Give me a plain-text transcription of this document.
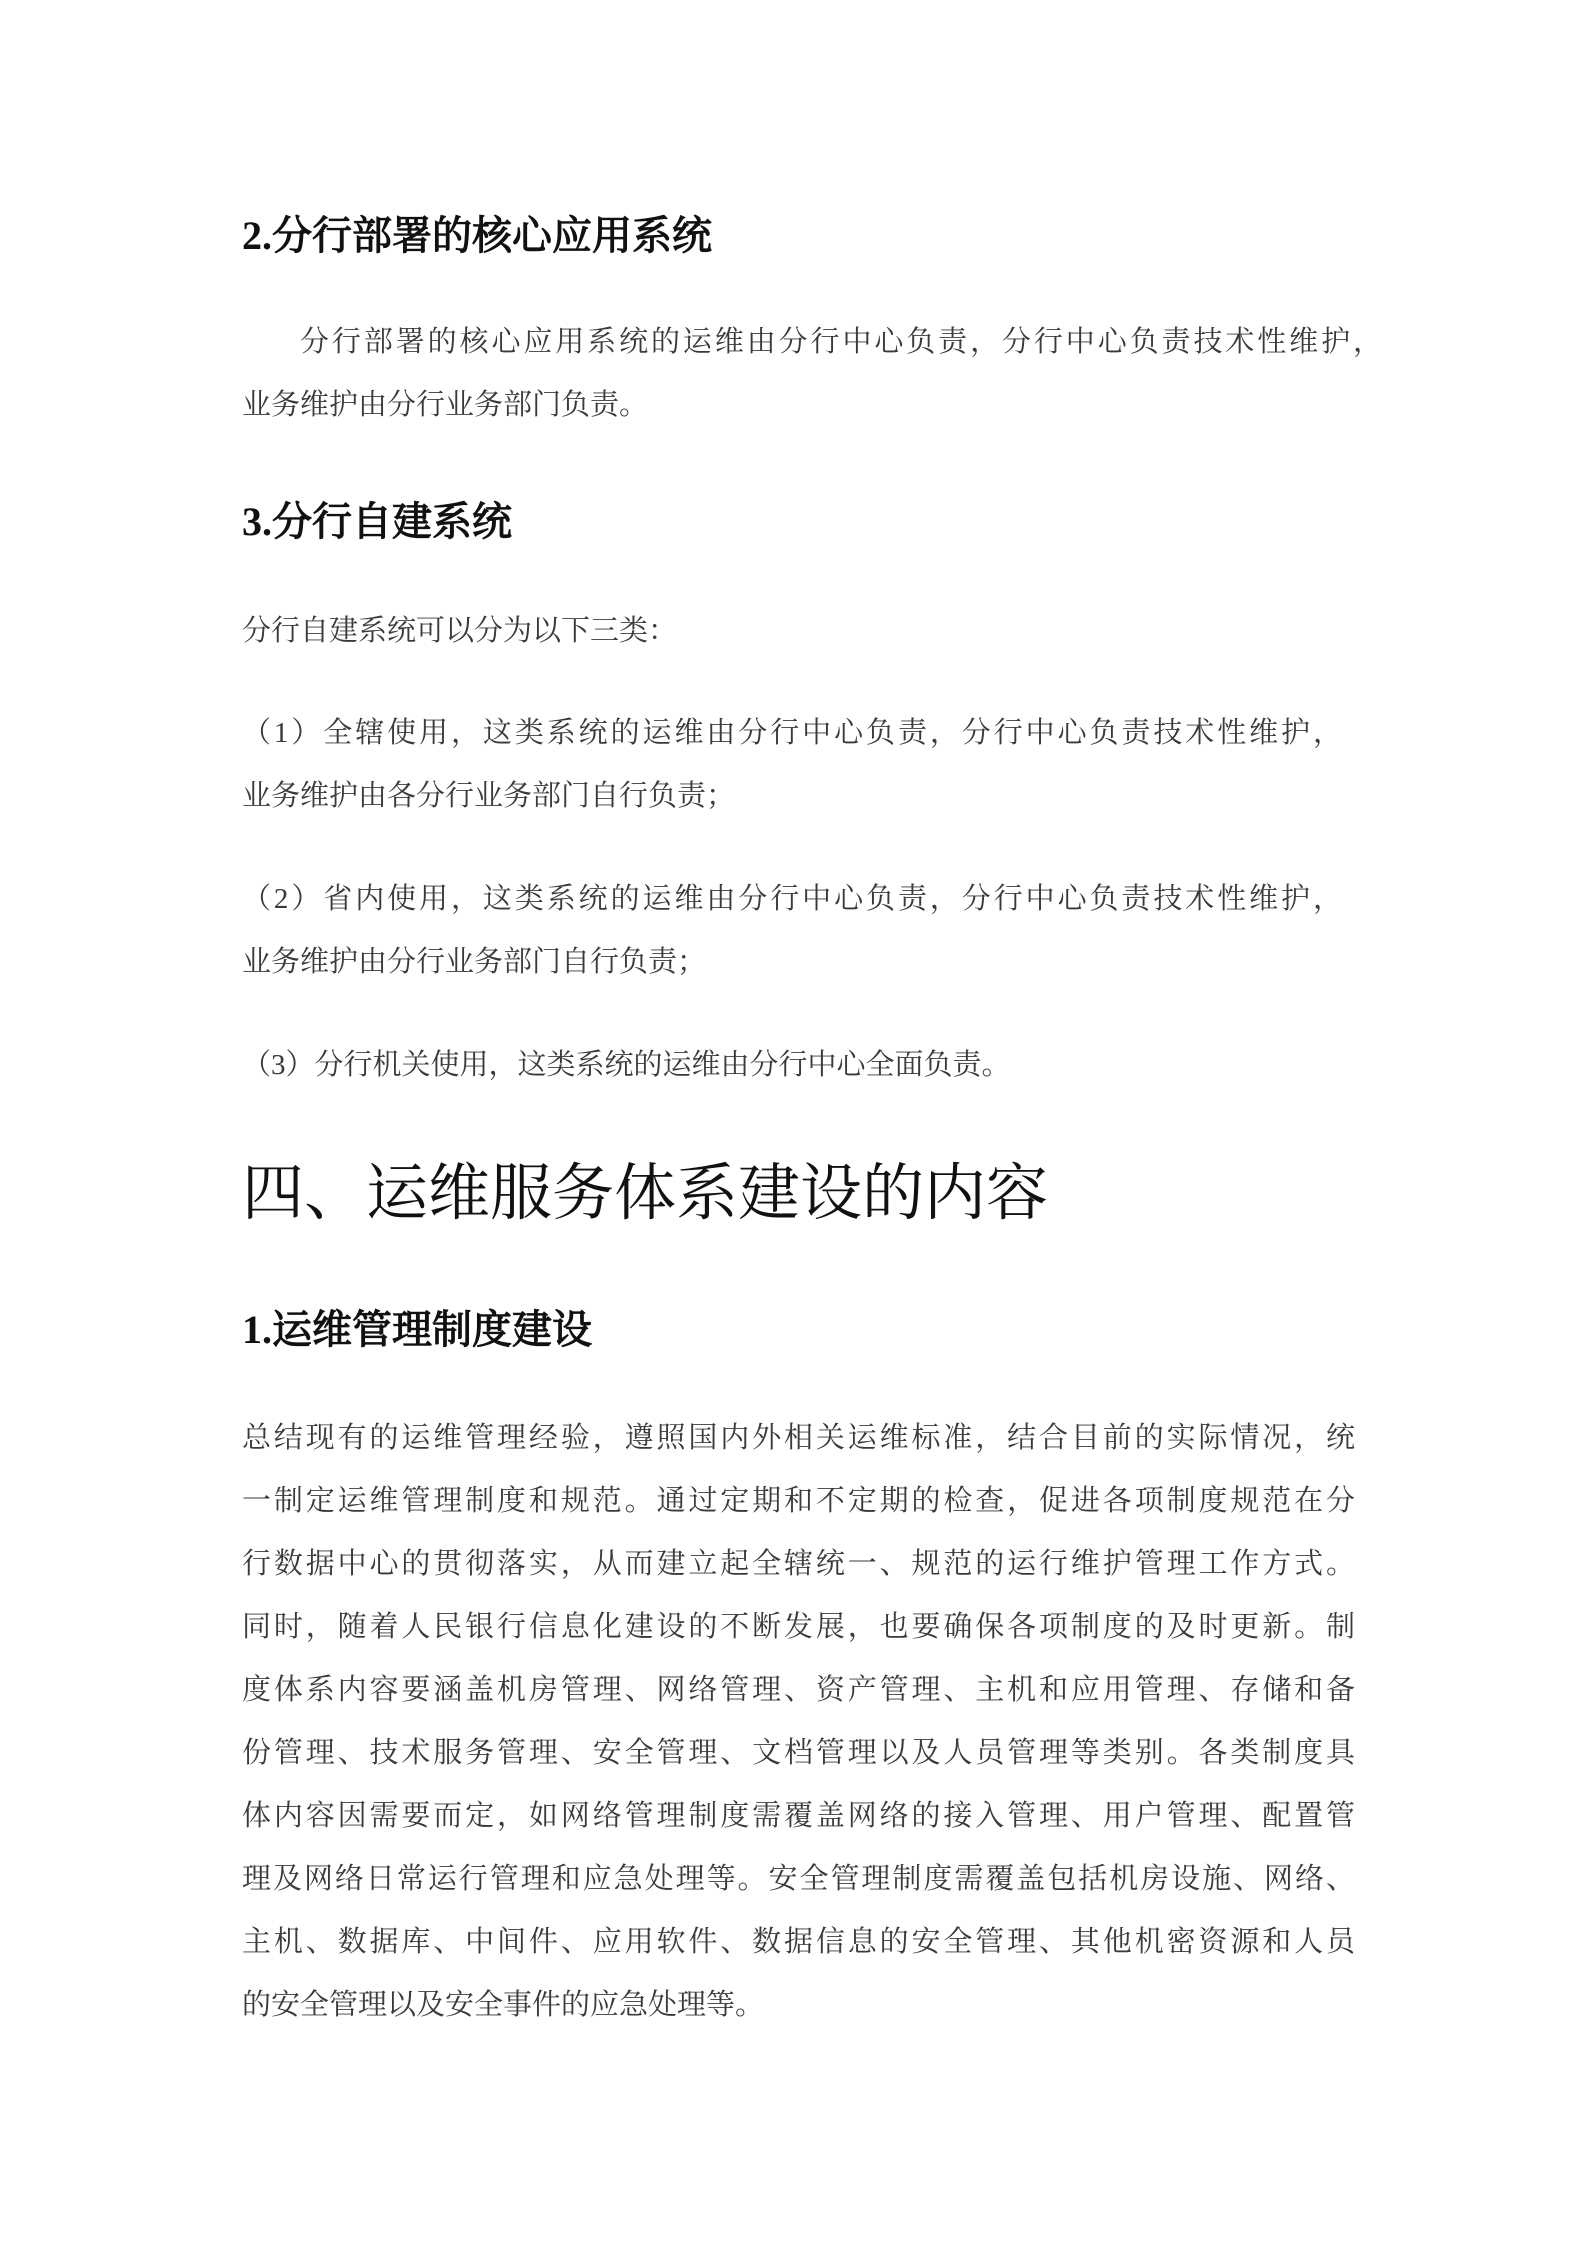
2.分行部署的核心应用系统
分行部署的核心应用系统的运维由分行中心负责，分行中心负责技术性维护，
业务维护由分行业务部门负责。
3.分行自建系统
分行自建系统可以分为以下三类：
（1）全辖使用，这类系统的运维由分行中心负责，分行中心负责技术性维护，
业务维护由各分行业务部门自行负责；
（2）省内使用，这类系统的运维由分行中心负责，分行中心负责技术性维护，
业务维护由分行业务部门自行负责；
（3）分行机关使用，这类系统的运维由分行中心全面负责。
四、运维服务体系建设的内容
1.运维管理制度建设
总结现有的运维管理经验，遵照国内外相关运维标准，结合目前的实际情况，统
一制定运维管理制度和规范。通过定期和不定期的检查，促进各项制度规范在分
行数据中心的贯彻落实，从而建立起全辖统一、规范的运行维护管理工作方式。
同时，随着人民银行信息化建设的不断发展，也要确保各项制度的及时更新。制
度体系内容要涵盖机房管理、网络管理、资产管理、主机和应用管理、存储和备
份管理、技术服务管理、安全管理、文档管理以及人员管理等类别。各类制度具
体内容因需要而定，如网络管理制度需覆盖网络的接入管理、用户管理、配置管
理及网络日常运行管理和应急处理等。安全管理制度需覆盖包括机房设施、网络、
主机、数据库、中间件、应用软件、数据信息的安全管理、其他机密资源和人员
的安全管理以及安全事件的应急处理等。
